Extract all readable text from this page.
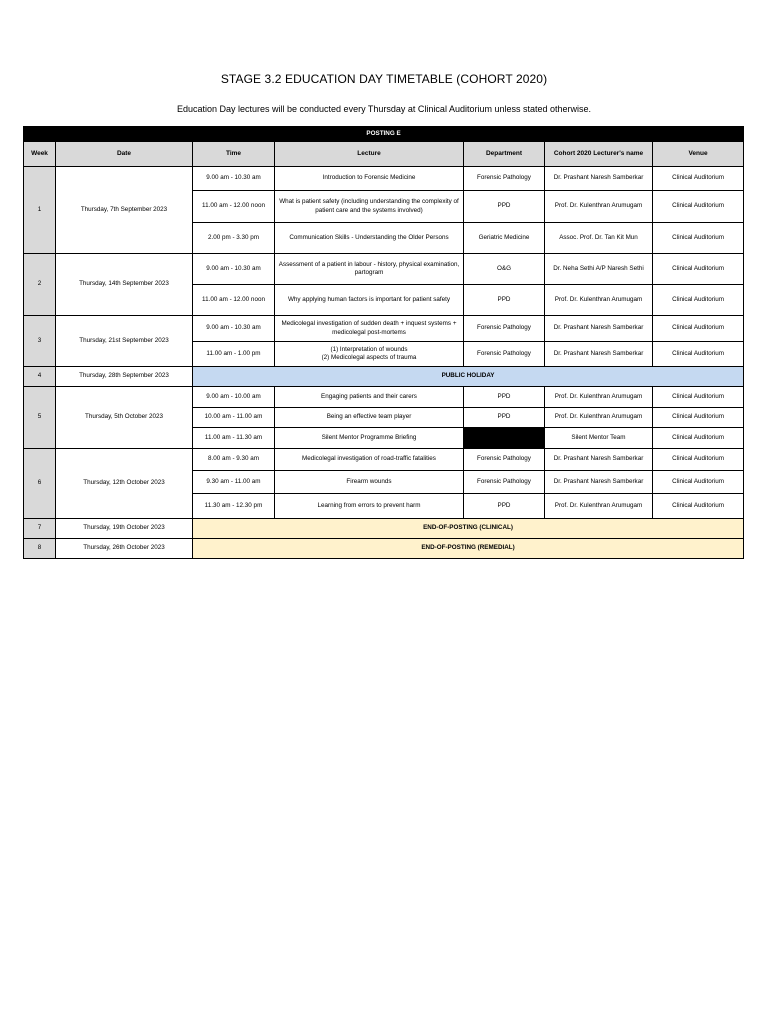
STAGE 3.2 EDUCATION DAY TIMETABLE (COHORT 2020)
Education Day lectures will be conducted every Thursday at Clinical Auditorium unless stated otherwise.
POSTING E						
Week	Date	Time	Lecture	Department	Cohort 2020 Lecturer's name	Venue
1	Thursday, 7th September 2023	9.00 am - 10.30 am	Introduction to Forensic Medicine	Forensic Pathology	Dr. Prashant Naresh Samberkar	Clinical Auditorium
		11.00 am - 12.00 noon	What is patient safety (including understanding the complexity of patient care and the systems involved)	PPD	Prof. Dr. Kulenthran Arumugam	Clinical Auditorium
		2.00 pm - 3.30 pm	Communication Skills - Understanding the Older Persons	Geriatric Medicine	Assoc. Prof. Dr. Tan Kit Mun	Clinical Auditorium
2	Thursday, 14th September 2023	9.00 am - 10.30 am	Assessment of a patient in labour - history, physical examination, partogram	O&G	Dr. Neha Sethi A/P Naresh Sethi	Clinical Auditorium
		11.00 am - 12.00 noon	Why applying human factors is important for patient safety	PPD	Prof. Dr. Kulenthran Arumugam	Clinical Auditorium
3	Thursday, 21st September 2023	9.00 am - 10.30 am	Medicolegal investigation of sudden death + inquest systems + medicolegal post-mortems	Forensic Pathology	Dr. Prashant Naresh Samberkar	Clinical Auditorium
		11.00 am - 1.00 pm	(1) Interpretation of wounds
(2) Medicolegal aspects of trauma	Forensic Pathology	Dr. Prashant Naresh Samberkar	Clinical Auditorium
4	Thursday, 28th September 2023	PUBLIC HOLIDAY				
5	Thursday, 5th October 2023	9.00 am - 10.00 am	Engaging patients and their carers	PPD	Prof. Dr. Kulenthran Arumugam	Clinical Auditorium
		10.00 am - 11.00 am	Being an effective team player	PPD	Prof. Dr. Kulenthran Arumugam	Clinical Auditorium
		11.00 am - 11.30 am	Silent Mentor Programme Briefing		Silent Mentor Team	Clinical Auditorium
6	Thursday, 12th October 2023	8.00 am - 9.30 am	Medicolegal investigation of road-traffic fatalities	Forensic Pathology	Dr. Prashant Naresh Samberkar	Clinical Auditorium
		9.30 am - 11.00 am	Firearm wounds	Forensic Pathology	Dr. Prashant Naresh Samberkar	Clinical Auditorium
		11.30 am - 12.30 pm	Learning from errors to prevent harm	PPD	Prof. Dr. Kulenthran Arumugam	Clinical Auditorium
7	Thursday, 19th October 2023	END-OF-POSTING (CLINICAL)				
8	Thursday, 26th October 2023	END-OF-POSTING (REMEDIAL)				
